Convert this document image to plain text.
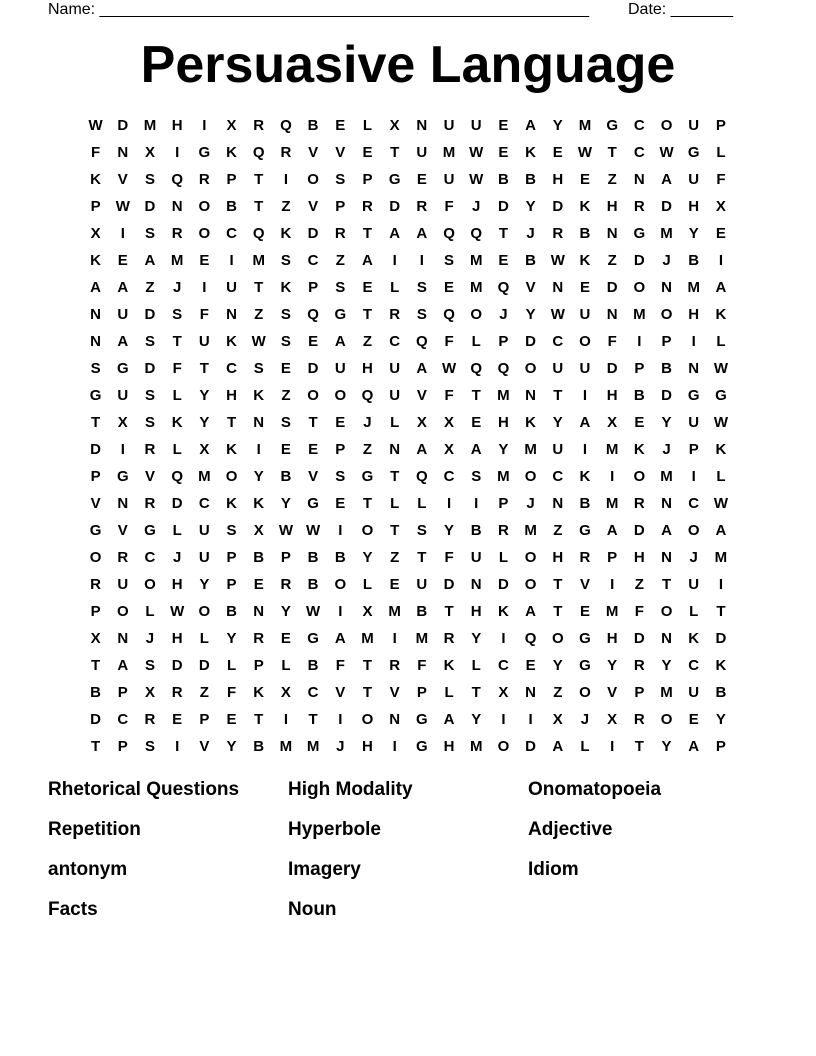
Name: _______________________________________________________ Date: _______
Persuasive Language
W D	M	H	I	X	R	Q	B	E	L	X	N	U	U	E	A	Y	M	G	C	O	U	P
F	N	X	I	G	K	Q	R	V	V	E	T	U	M W	E	K	E	W	T	C W G	L
K	V	S	Q	R	P	T	I	O	S	P	G	E	U W B	B	H	E	Z	N	A	U	F
P	W D	N	O	B	T	Z	V	P	R	D	R	F	J	D	Y	D	K	H	R	D	H	X
X	I	S	R	O	C	Q	K	D	R	T	A	A	Q	Q	T	J	R	B	N	G	M	Y	E
K	E	A	M	E	I	M	S	C	Z	A	I	I	S	M	E	B W K	Z	D	J	B	I
A	A	Z	J	I	U	T	K	P	S	E	L	S	E	M	Q	V	N	E	D	O	N	M	A
N	U	D	S	F	N	Z	S	Q	G	T	R	S	Q	O	J	Y	W U	N	M	O	H	K
N	A	S	T	U	K W	S	E	A	Z	C	Q	F	L	P	D	C	O	F	I	P	I	L
S	G	D	F	T	C	S	E	D	U	H	U	A W Q	Q	O	U	U	D	P	B	N W
G	U	S	L	Y	H	K	Z	O	O	Q	U	V	F	T	M	N	T	I	H	B	D	G	G
T	X	S	K	Y	T	N	S	T	E	J	L	X	X	E	H	K	Y	A	X	E	Y	U W
D	I	R	L	X	K	I	E	E	P	Z	N	A	X	A	Y	M	U	I	M	K	J	P	K
P	G	V	Q	M	O	Y	B	V	S	G	T	Q	C	S	M	O	C	K	I	O	M	I	L
V	N	R	D	C	K	K	Y	G	E	T	L	L	I	I	P	J	N	B	M	R	N	C W
G	V	G	L	U	S	X	W W	I	O	T	S	Y	B	R	M	Z	G	A	D	A	O	A
O	R	C	J	U	P	B	P	B	B	Y	Z	T	F	U	L	O	H	R	P	H	N	J	M
R	U	O	H	Y	P	E	R	B	O	L	E	U	D	N	D	O	T	V	I	Z	T	U	I
P	O	L	W O	B	N	Y	W	I	X	M	B	T	H	K	A	T	E	M	F	O	L	T
X	N	J	H	L	Y	R	E	G	A	M	I	M	R	Y	I	Q	O	G	H	D	N	K	D
T	A	S	D	D	L	P	L	B	F	T	R	F	K	L	C	E	Y	G	Y	R	Y	C	K
B	P	X	R	Z	F	K	X	C	V	T	V	P	L	T	X	N	Z	O	V	P	M	U	B
D	C	R	E	P	E	T	I	T	I	O	N	G	A	Y	I	I	X	J	X	R	O	E	Y
T	P	S	I	V	Y	B	M M	J	H	I	G	H	M	O	D	A	L	I	T	Y	A	P
Rhetorical Questions
Repetition
antonym
Facts
High Modality
Hyperbole
Imagery
Noun
Onomatopoeia
Adjective
Idiom
